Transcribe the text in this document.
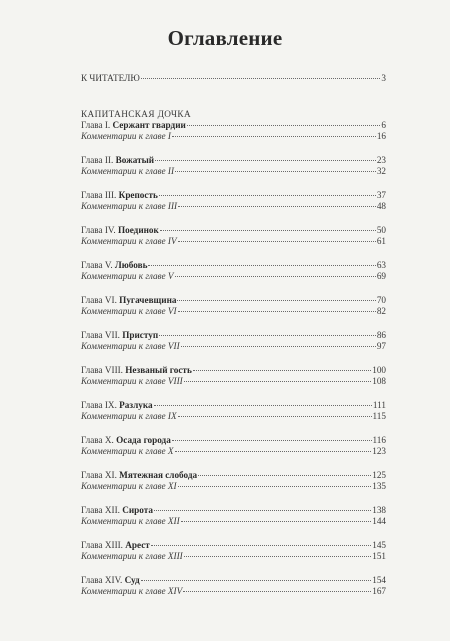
Оглавление
К ЧИТАТЕЛЮ	3
КАПИТАНСКАЯ ДОЧКА
Глава I. Сержант гвардии	6
Комментарии к главе I	16
Глава II. Вожатый	23
Комментарии к главе II	32
Глава III. Крепость	37
Комментарии к главе III	48
Глава IV. Поединок	50
Комментарии к главе IV	61
Глава V. Любовь	63
Комментарии к главе V	69
Глава VI. Пугачевщина	70
Комментарии к главе VI	82
Глава VII. Приступ	86
Комментарии к главе VII	97
Глава VIII. Незваный гость	100
Комментарии к главе VIII	108
Глава IX. Разлука	111
Комментарии к главе IX	115
Глава X. Осада города	116
Комментарии к главе X	123
Глава XI. Мятежная слобода	125
Комментарии к главе XI	135
Глава XII. Сирота	138
Комментарии к главе XII	144
Глава XIII. Арест	145
Комментарии к главе XIII	151
Глава XIV. Суд	154
Комментарии к главе XIV	167
